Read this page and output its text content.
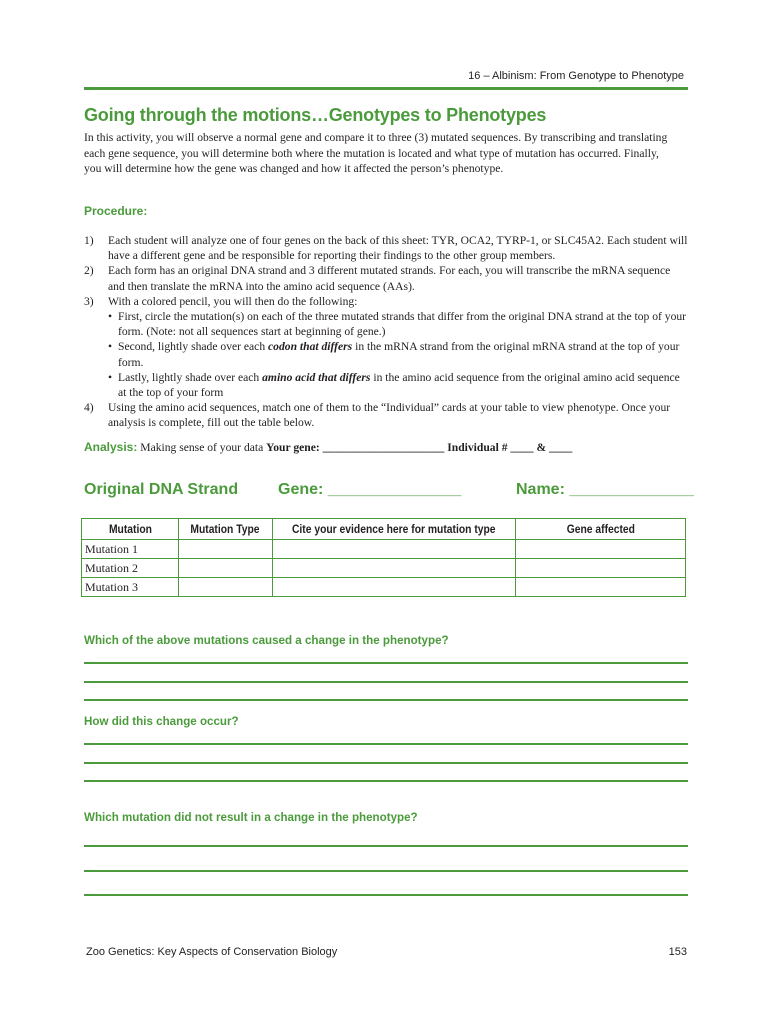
16 – Albinism: From Genotype to Phenotype
Going through the motions…Genotypes to Phenotypes

In this activity, you will observe a normal gene and compare it to three (3) mutated sequences. By transcribing and translating each gene sequence, you will determine both where the mutation is located and what type of mutation has occurred. Finally, you will determine how the gene was changed and how it affected the person’s phenotype.

Procedure:
1) Each student will analyze one of four genes on the back of this sheet: TYR, OCA2, TYRP-1, or SLC45A2. Each student will have a different gene and be responsible for reporting their findings to the other group members.
2) Each form has an original DNA strand and 3 different mutated strands. For each, you will transcribe the mRNA sequence and then translate the mRNA into the amino acid sequence (AAs).
3) With a colored pencil, you will then do the following:
• First, circle the mutation(s) on each of the three mutated strands that differ from the original DNA strand at the top of your form. (Note: not all sequences start at beginning of gene.)
• Second, lightly shade over each codon that differs in the mRNA strand from the original mRNA strand at the top of your form.
• Lastly, lightly shade over each amino acid that differs in the amino acid sequence from the original amino acid sequence at the top of your form
4) Using the amino acid sequences, match one of them to the “Individual” cards at your table to view phenotype. Once your analysis is complete, fill out the table below.
Analysis: Making sense of your data Your gene: _____________________ Individual # ____ & ____
Original DNA Strand Gene: _______________	Name: ______________
Mutation	Mutation Type	Cite your evidence here for mutation type	Gene affected
Mutation 1			
Mutation 2			
Mutation 3			

Which of the above mutations caused a change in the phenotype?

How did this change occur?

Which mutation did not result in a change in the phenotype?

Zoo Genetics: Key Aspects of Conservation Biology	153
